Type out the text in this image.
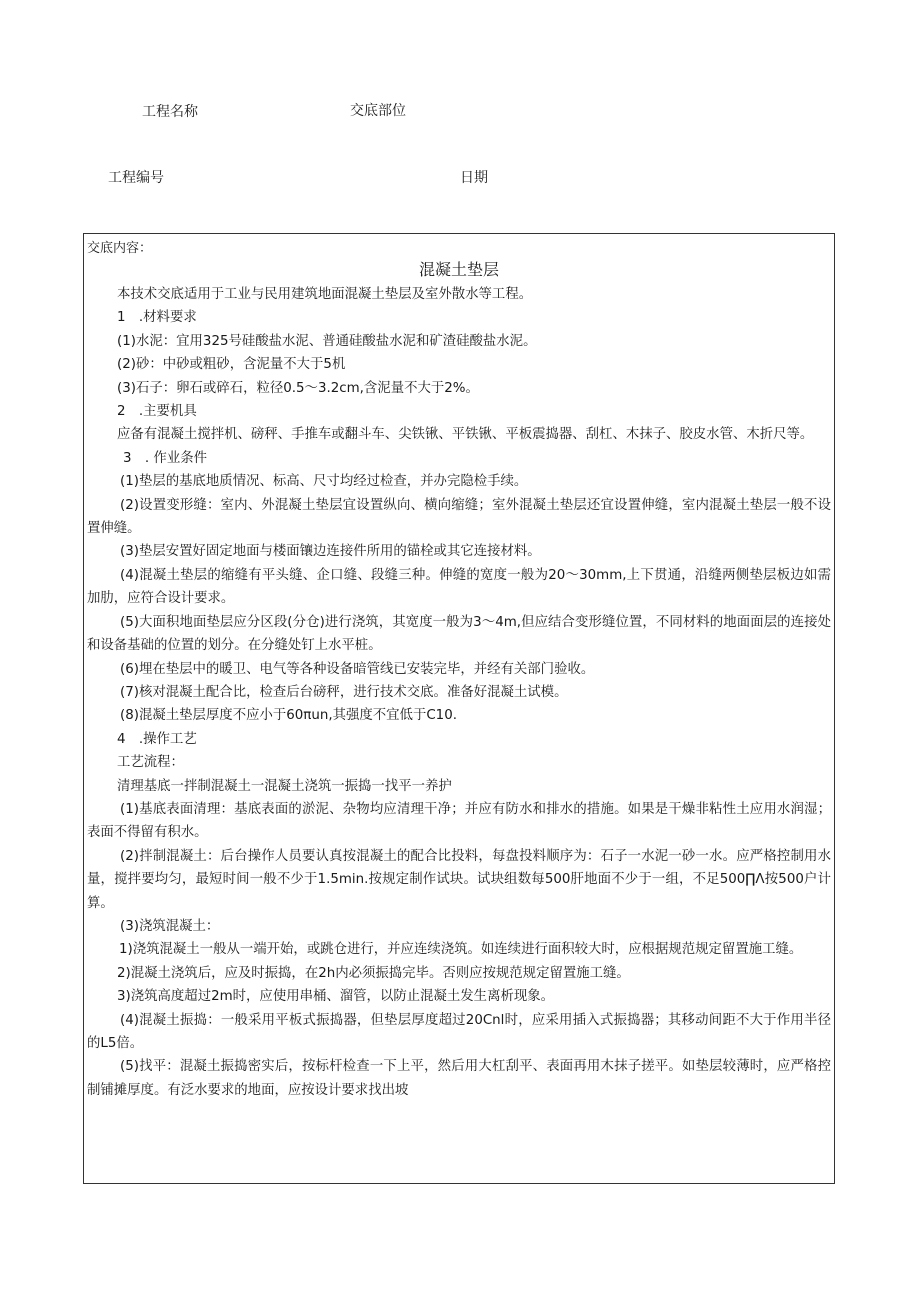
工程名称	交底部位
工程编号	日期

交底内容：

混凝土垫层

本技术交底适用于工业与民用建筑地面混凝土垫层及室外散水等工程。

1　.材料要求

(1)水泥：宜用325号硅酸盐水泥、普通硅酸盐水泥和矿渣硅酸盐水泥。

(2)砂：中砂或粗砂，含泥量不大于5机

(3)石子：卵石或碎石，粒径0.5～3.2cm,含泥量不大于2%。

2　.主要机具

应备有混凝土搅拌机、磅秤、手推车或翻斗车、尖铁锹、平铁锹、平板震捣器、刮杠、木抹子、胶皮水管、木折尺等。

3　. 作业条件

(1)垫层的基底地质情况、标高、尺寸均经过检查，并办完隐检手续。

(2)设置变形缝：室内、外混凝土垫层宜设置纵向、横向缩缝；室外混凝土垫层还宜设置伸缝，室内混凝土垫层一般不设置伸缝。

(3)垫层安置好固定地面与楼面镶边连接件所用的锚栓或其它连接材料。

(4)混凝土垫层的缩缝有平头缝、企口缝、段缝三种。伸缝的宽度一般为20～30mm,上下贯通，沿缝两侧垫层板边如需加肋，应符合设计要求。

(5)大面积地面垫层应分区段(分仓)进行浇筑，其宽度一般为3～4m,但应结合变形缝位置，不同材料的地面面层的连接处和设备基础的位置的划分。在分缝处钉上水平桩。

(6)埋在垫层中的暖卫、电气等各种设备暗管线已安装完毕，并经有关部门验收。

(7)核对混凝土配合比，检查后台磅秤，进行技术交底。准备好混凝土试模。

(8)混凝土垫层厚度不应小于60πun,其强度不宜低于C10.

4　.操作工艺

工艺流程：

清理基底一拌制混凝土一混凝土浇筑一振捣一找平一养护

(1)基底表面清理：基底表面的淤泥、杂物均应清理干净；并应有防水和排水的措施。如果是干燥非粘性土应用水润湿；表面不得留有积水。

(2)拌制混凝土：后台操作人员要认真按混凝土的配合比投料，每盘投料顺序为：石子一水泥一砂一水。应严格控制用水量，搅拌要均匀，最短时间一般不少于1.5min.按规定制作试块。试块组数每500肝地面不少于一组，不足500∏Λ按500户计算。

(3)浇筑混凝土：

1)浇筑混凝土一般从一端开始，或跳仓进行，并应连续浇筑。如连续进行面积较大时，应根据规范规定留置施工缝。

2)混凝土浇筑后，应及时振捣，在2h内必须振捣完毕。否则应按规范规定留置施工缝。

3)浇筑高度超过2m时，应使用串桶、溜管，以防止混凝土发生离析现象。

(4)混凝土振捣：一般采用平板式振捣器，但垫层厚度超过20Cnl时，应采用插入式振捣器；其移动间距不大于作用半径的L5倍。

(5)找平：混凝土振捣密实后，按标杆检查一下上平，然后用大杠刮平、表面再用木抹子搓平。如垫层较薄时，应严格控制铺摊厚度。有泛水要求的地面，应按设计要求找出坡
